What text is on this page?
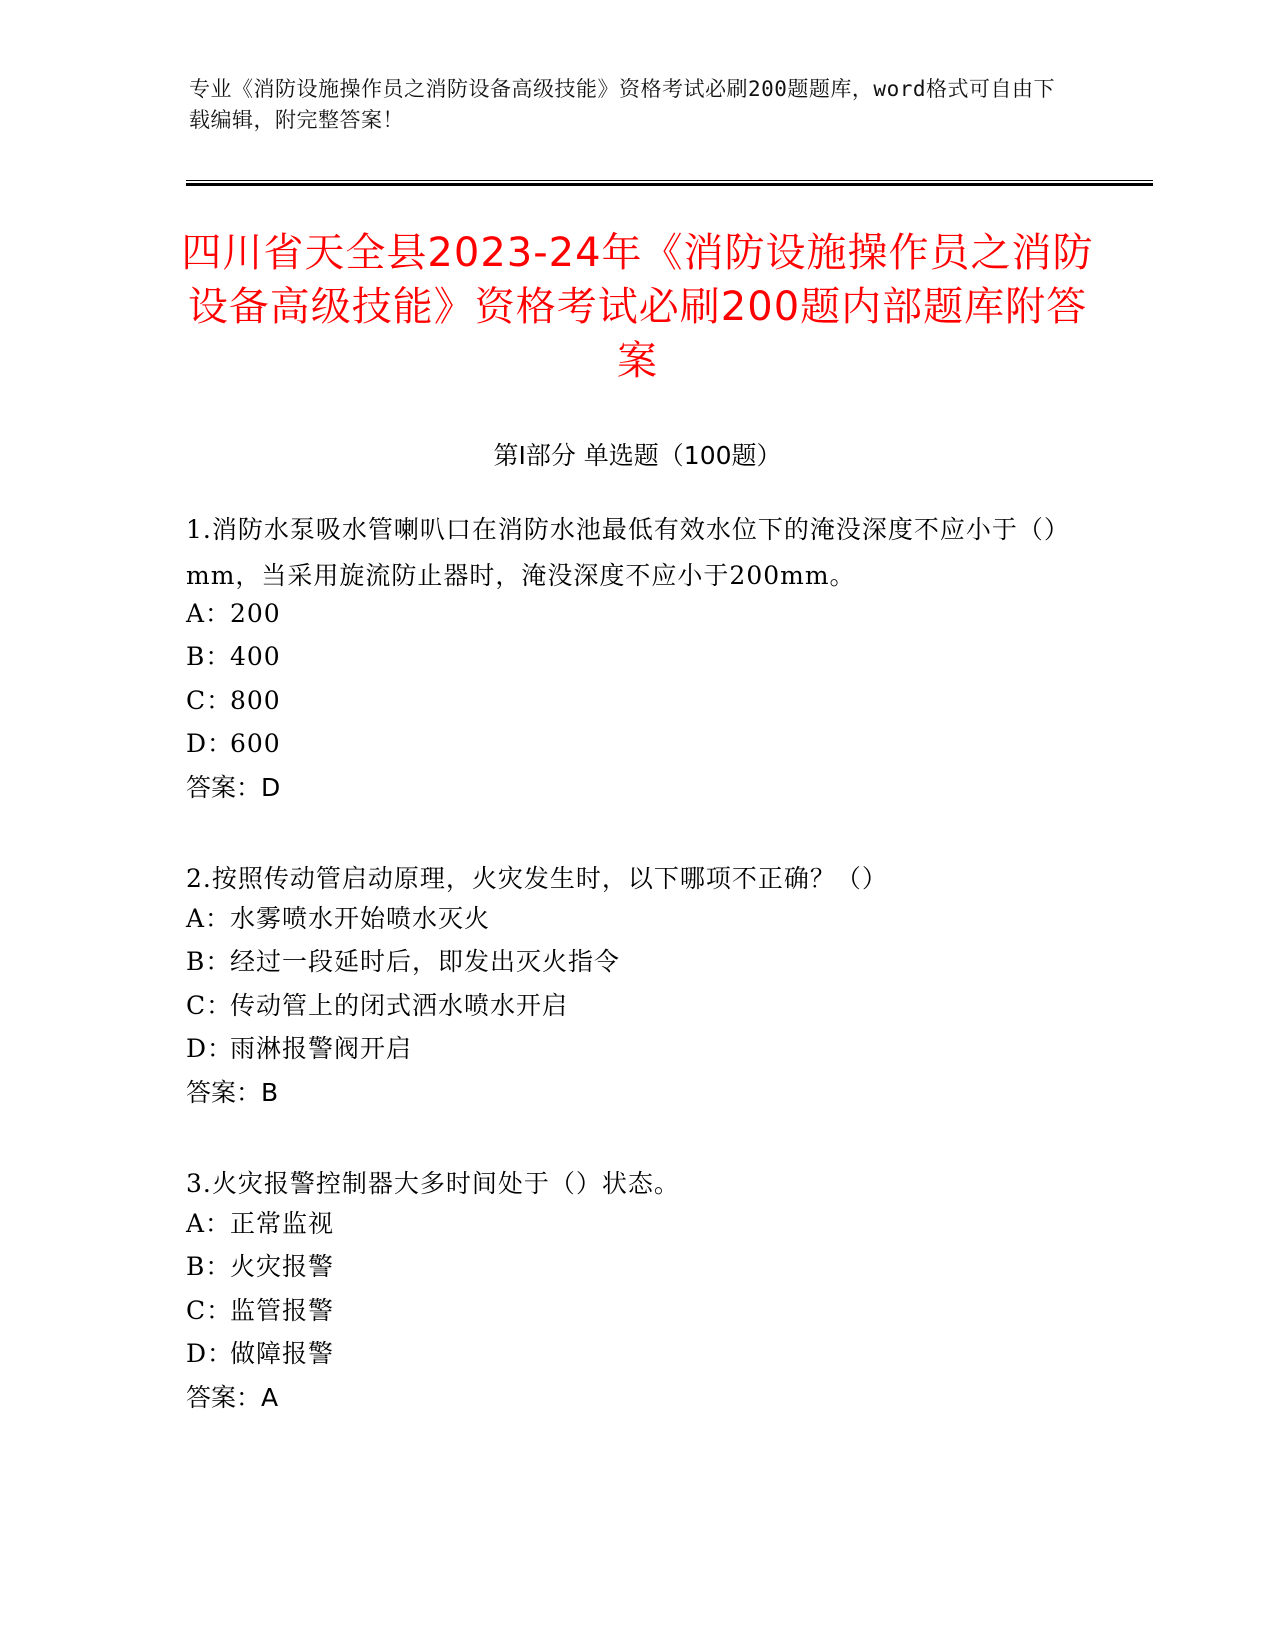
专业《消防设施操作员之消防设备高级技能》资格考试必刷200题题库，word格式可自由下载编辑，附完整答案！
四川省天全县2023-24年《消防设施操作员之消防设备高级技能》资格考试必刷200题内部题库附答案
第Ⅰ部分 单选题（100题）
1.消防水泵吸水管喇叭口在消防水池最低有效水位下的淹没深度不应小于（）mm，当采用旋流防止器时，淹没深度不应小于200mm。
A：200
B：400
C：800
D：600
答案：D
2.按照传动管启动原理，火灾发生时，以下哪项不正确？（）
A：水雾喷水开始喷水灭火
B：经过一段延时后，即发出灭火指令
C：传动管上的闭式洒水喷水开启
D：雨淋报警阀开启
答案：B
3.火灾报警控制器大多时间处于（）状态。
A：正常监视
B：火灾报警
C：监管报警
D：做障报警
答案：A
